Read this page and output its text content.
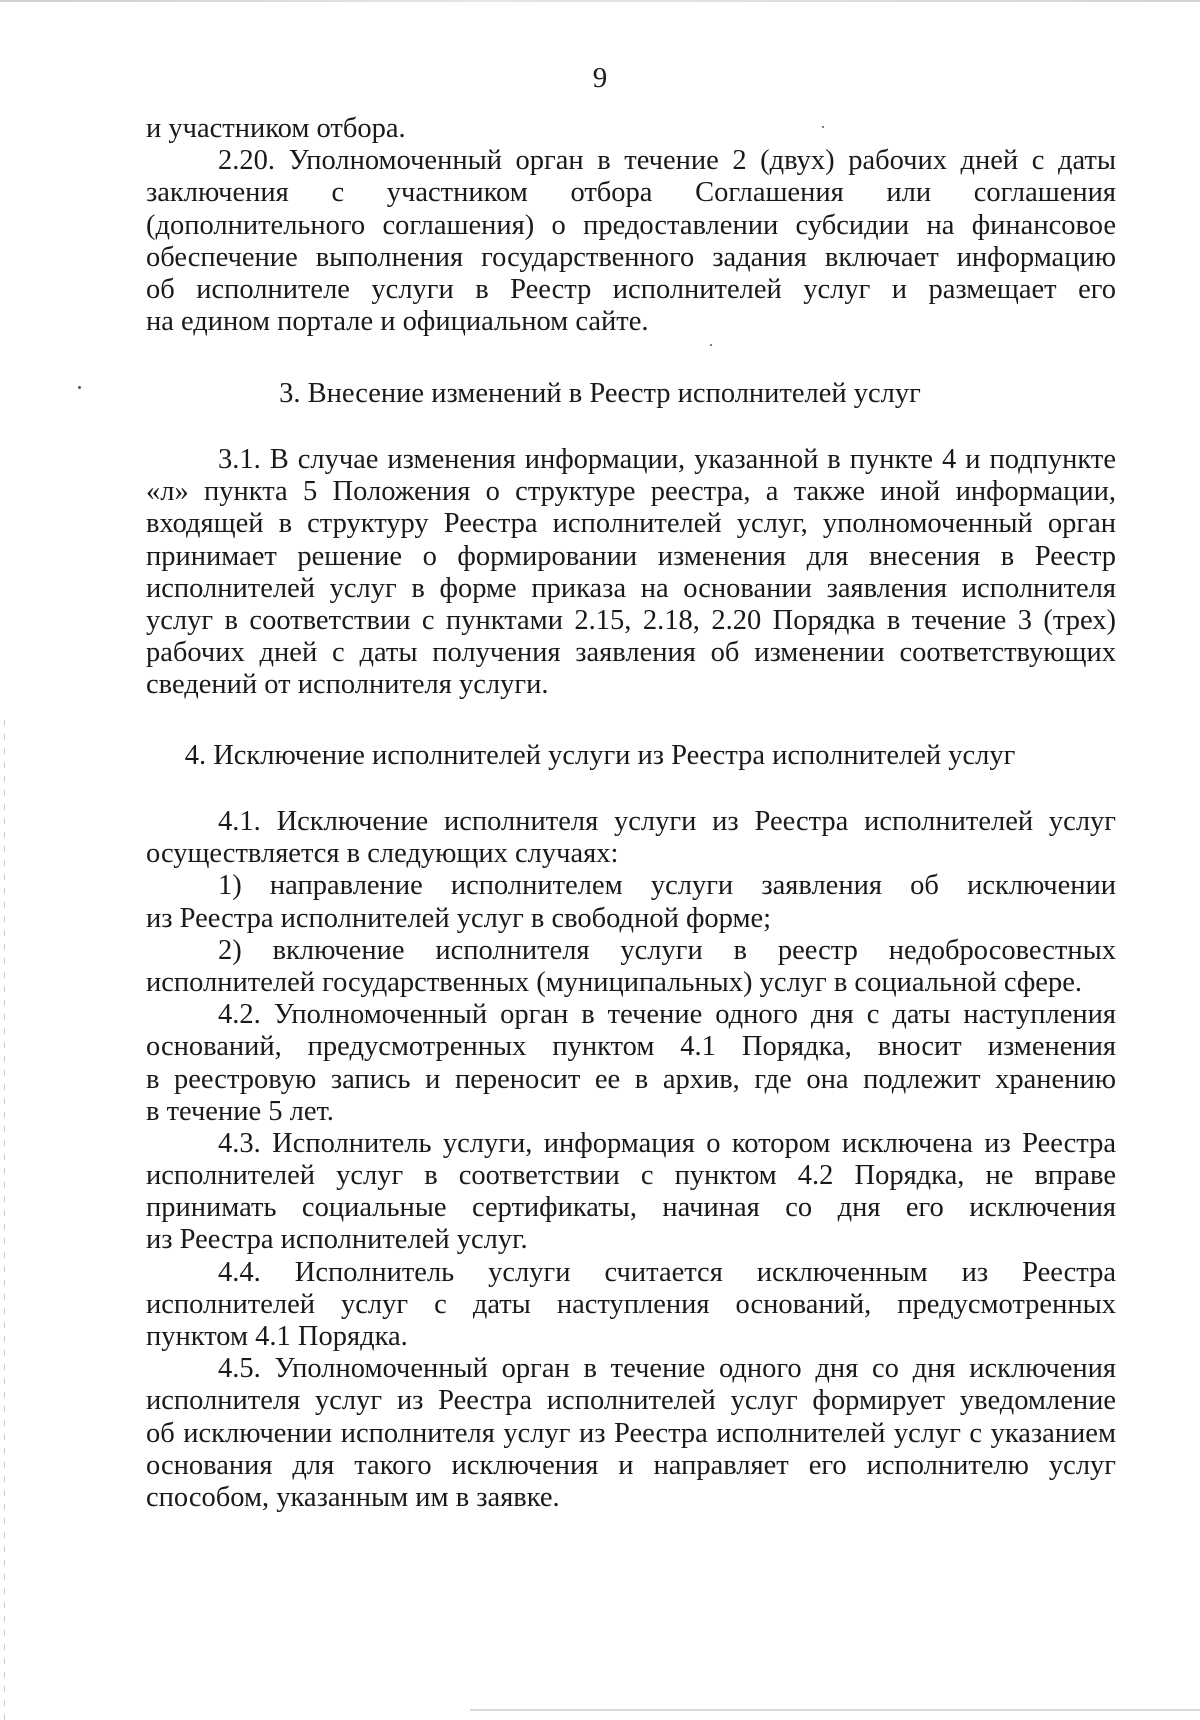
9
и участником отбора.
2.20. Уполномоченный орган в течение 2 (двух) рабочих дней с даты
заключения с участником отбора Соглашения или соглашения
(дополнительного соглашения) о предоставлении субсидии на финансовое
обеспечение выполнения государственного задания включает информацию
об исполнителе услуги в Реестр исполнителей услуг и размещает его
на едином портале и официальном сайте.
3. Внесение изменений в Реестр исполнителей услуг
3.1. В случае изменения информации, указанной в пункте 4 и подпункте
«л» пункта 5 Положения о структуре реестра, а также иной информации,
входящей в структуру Реестра исполнителей услуг, уполномоченный орган
принимает решение о формировании изменения для внесения в Реестр
исполнителей услуг в форме приказа на основании заявления исполнителя
услуг в соответствии с пунктами 2.15, 2.18, 2.20 Порядка в течение 3 (трех)
рабочих дней с даты получения заявления об изменении соответствующих
сведений от исполнителя услуги.
4. Исключение исполнителей услуги из Реестра исполнителей услуг
4.1. Исключение исполнителя услуги из Реестра исполнителей услуг
осуществляется в следующих случаях:
1) направление исполнителем услуги заявления об исключении
из Реестра исполнителей услуг в свободной форме;
2) включение исполнителя услуги в реестр недобросовестных
исполнителей государственных (муниципальных) услуг в социальной сфере.
4.2. Уполномоченный орган в течение одного дня с даты наступления
оснований, предусмотренных пунктом 4.1 Порядка, вносит изменения
в реестровую запись и переносит ее в архив, где она подлежит хранению
в течение 5 лет.
4.3. Исполнитель услуги, информация о котором исключена из Реестра
исполнителей услуг в соответствии с пунктом 4.2 Порядка, не вправе
принимать социальные сертификаты, начиная со дня его исключения
из Реестра исполнителей услуг.
4.4. Исполнитель услуги считается исключенным из Реестра
исполнителей услуг с даты наступления оснований, предусмотренных
пунктом 4.1 Порядка.
4.5. Уполномоченный орган в течение одного дня со дня исключения
исполнителя услуг из Реестра исполнителей услуг формирует уведомление
об исключении исполнителя услуг из Реестра исполнителей услуг с указанием
основания для такого исключения и направляет его исполнителю услуг
способом, указанным им в заявке.
